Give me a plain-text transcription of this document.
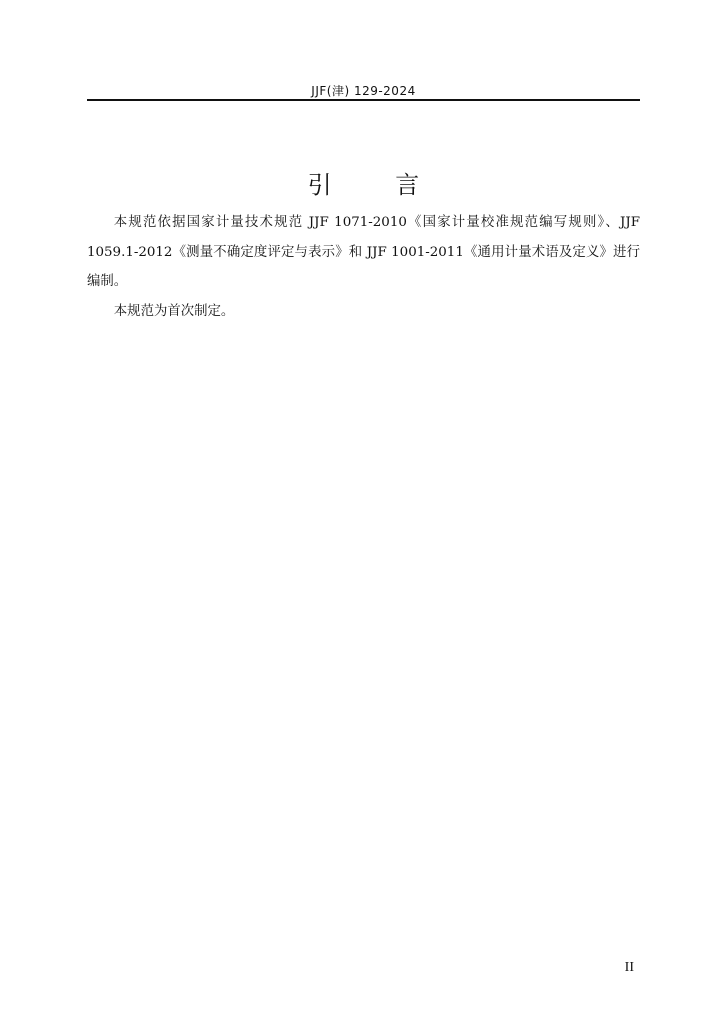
JJF(津) 129-2024
引 言

本规范依据国家计量技术规范 JJF 1071-2010《国家计量校准规范编写规则》、JJF 1059.1-2012《测量不确定度评定与表示》和 JJF 1001-2011《通用计量术语及定义》进行编制。

本规范为首次制定。

II
